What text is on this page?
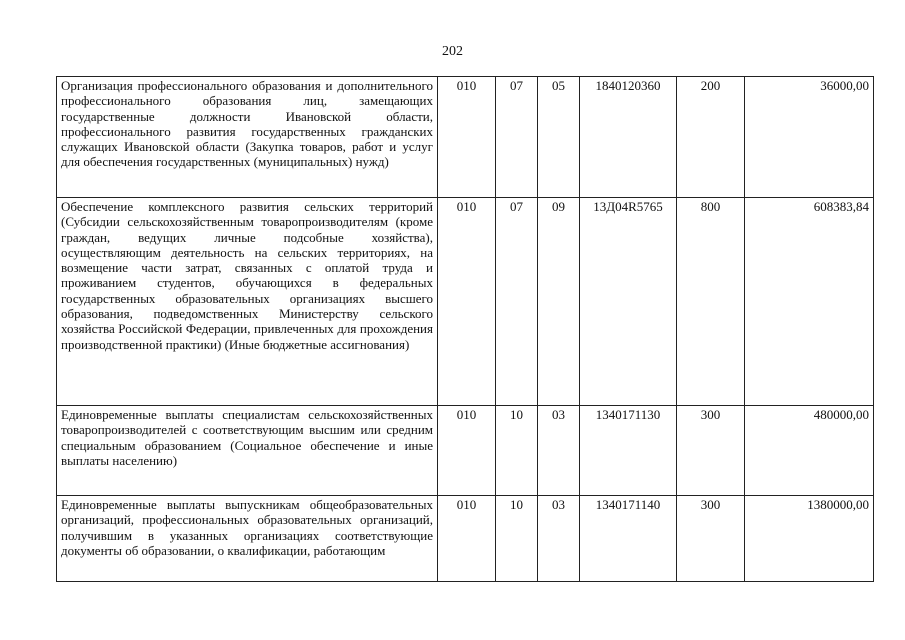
202
Организация профессионального образования и дополнительного профессионального образования лиц, замещающих государственные должности Ивановской области, профессионального развития государственных гражданских служащих Ивановской области (Закупка товаров, работ и услуг для обеспечения государственных (муниципальных) нужд)	010	07	05	1840120360	200	36000,00
Обеспечение комплексного развития сельских территорий (Субсидии сельскохозяйственным товаропроизводителям (кроме граждан, ведущих личные подсобные хозяйства), осуществляющим деятельность на сельских территориях, на возмещение части затрат, связанных с оплатой труда и проживанием студентов, обучающихся в федеральных государственных образовательных организациях высшего образования, подведомственных Министерству сельского хозяйства Российской Федерации, привлеченных для прохождения производственной практики) (Иные бюджетные ассигнования)	010	07	09	13Д04R5765	800	608383,84
Единовременные выплаты специалистам сельскохозяйственных товаропроизводителей с соответствующим высшим или средним специальным образованием (Социальное обеспечение и иные выплаты населению)	010	10	03	1340171130	300	480000,00
Единовременные выплаты выпускникам общеобразовательных организаций, профессиональных образовательных организаций, получившим в указанных организациях соответствующие документы об образовании, о квалификации, работающим	010	10	03	1340171140	300	1380000,00
